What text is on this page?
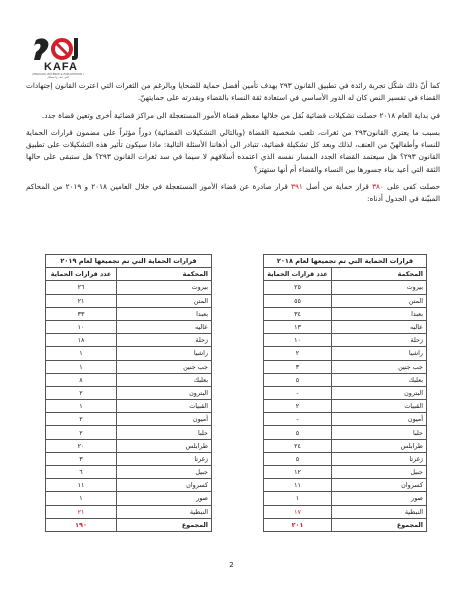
KAFA
(ENOUGH) VIOLENCE & EXPLOITATION / كفى عنف و استغلال

كما أنّ ذلك شكّل تجربة رائدة في تطبيق القانون ٢٩٣ بهدف تأمين أفضل حماية للضحايا وبالرغم من الثغرات التي اعترت القانون إجتهادات القضاء في تفسير النص كان له الدور الأساسي في استعادة ثقة النساء بالقضاء وبقدرته على حمايتهنّ.

في بداية العام ٢٠١٨ حصلت تشكيلات قضائية نُقل من خلالها معظم قضاة الأمور المستعجلة الى مراكز قضائية أخرى وتعين قضاة جدد.

بسبب ما يعتري القانون٢٩٣ من ثغرات، تلعب شخصية القضاة (وبالتالي التشكيلات القضائية) دوراً مؤثراً على مضمون قرارات الحماية للنساء وأطفالهنّ من العنف، لذلك وبعد كل تشكيلة قضائية، تتبادر الى أذهاننا الأسئلة التالية: ماذا سيكون تأثير هذه التشكيلات على تطبيق القانون ٢٩٣؟ هل سيعتمد القضاء الجدد المسار نفسه الذي اعتمده أسلافهم لا سيما في سد ثغرات القانون ٢٩٣؟ هل ستبقى على حالها الثقة التي أعيد بناء جسورها بين النساء والقضاء أم أنها ستهتز؟

حصلت كفى على ٣٨٠ قرار حماية من أصل ٣٩١ قرار صادرة عن قضاء الأمور المستعجلة في خلال العامين ٢٠١٨ و ٢٠١٩ من المحاكم المبيّنة في الجدول أدناه:

قرارات الحماية التي تم تجميعها لعام ٢٠١٨	
المحكمة	عدد قرارات الحماية
بيروت	٢٥
المتن	٥٥
بعبدا	٣٤
عاليه	١٣
زحلة	١٠
راشيا	٢
جب جنين	٣
بعلبك	٥
البترون	-
القبيات	٢
أميون	-
حلبا	٥
طرابلس	٢٤
زغرتا	٥
جبيل	١٢
كسروان	١١
صور	١
النبطية	١٧
المجموع	٢٠١
قرارات الحماية التي تم تجميعها لعام ٢٠١٩	
المحكمة	عدد قرارات الحماية
بيروت	٢٦
المتن	٢١
بعبدا	٣٣
عاليه	١٠
زحلة	١٨
راشيا	١
جب جنين	١
بعلبك	٨
البترون	٢
القبيات	١
أميون	٢
حلبا	٢
طرابلس	٢٠
زغرتا	٣
جبيل	٦
كسروان	١١
صور	١
النبطية	٢١
المجموع	١٩٠
2
